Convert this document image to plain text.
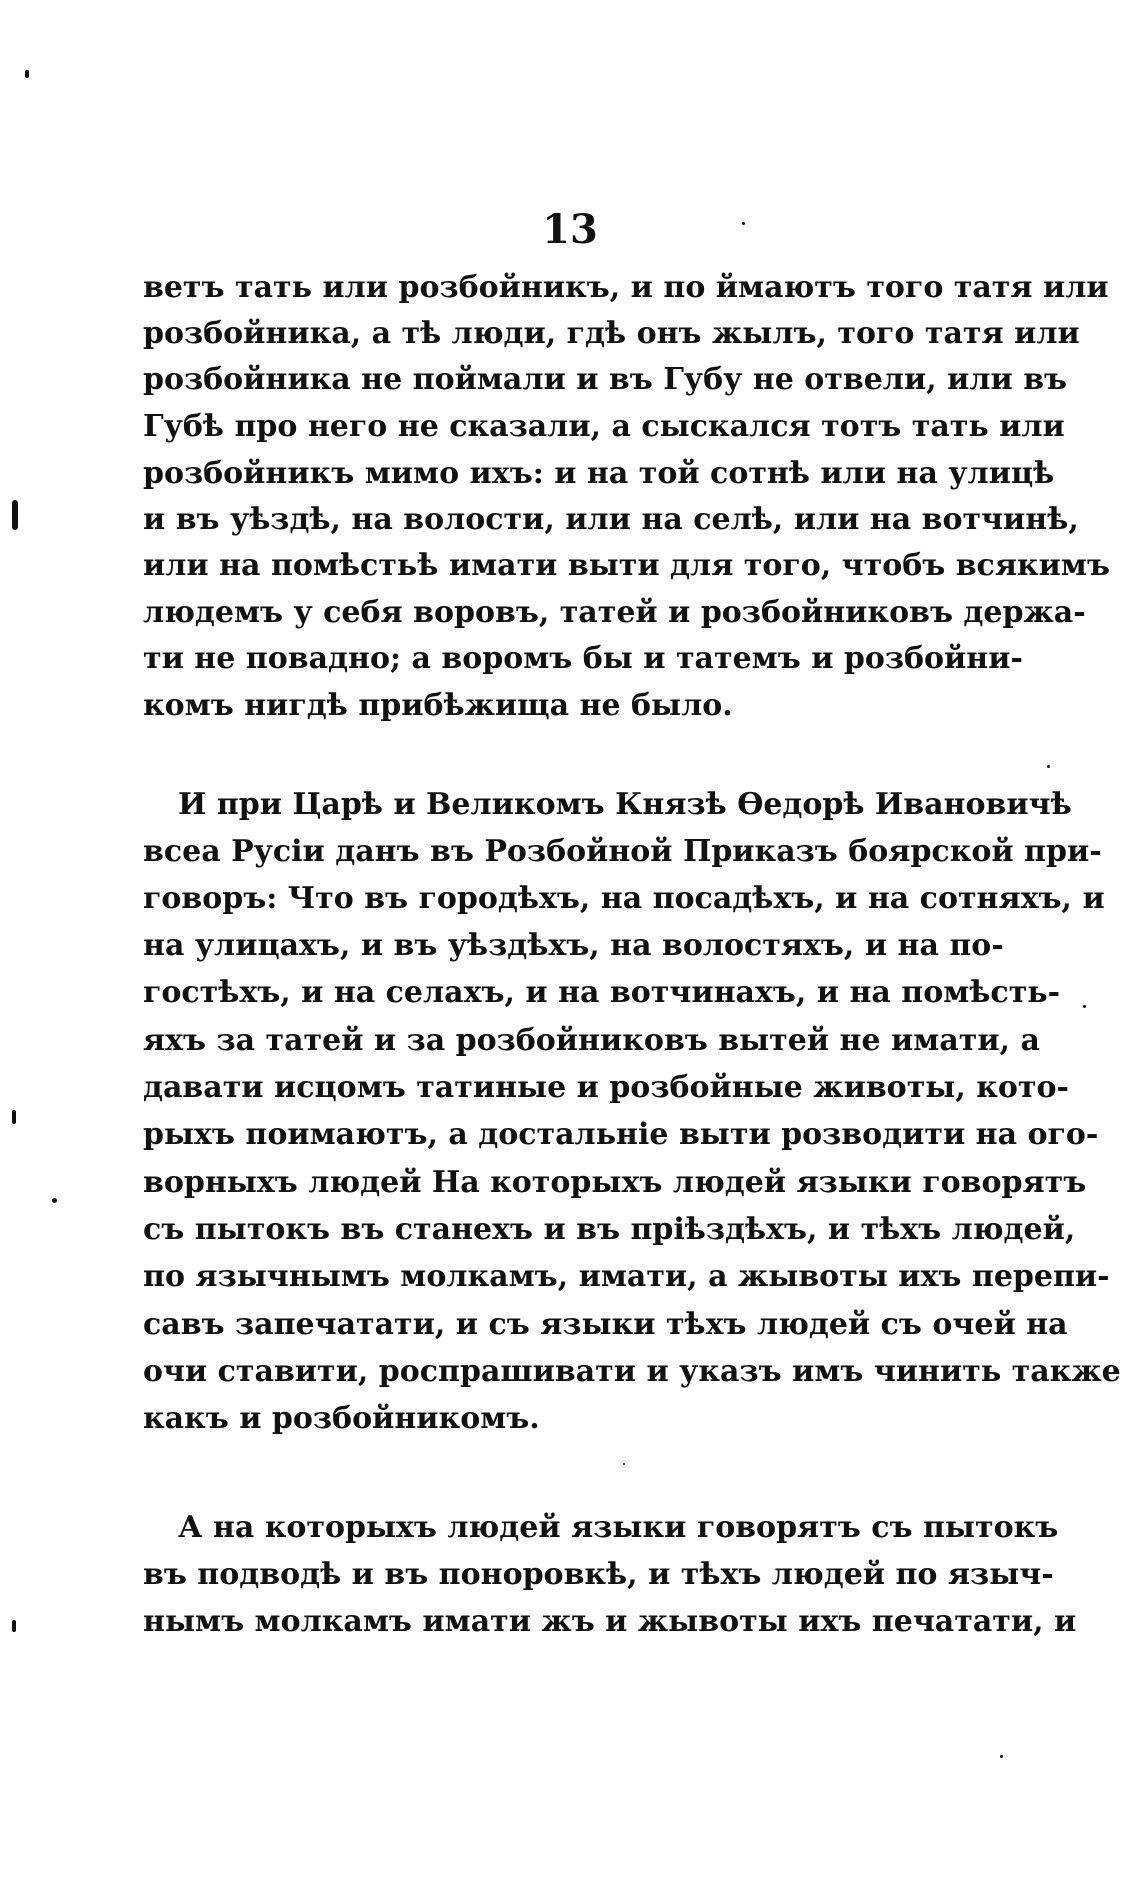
13
ветъ тать или розбойникъ, и по ймаютъ того татя или
розбойника, а тѣ люди, гдѣ онъ жылъ, того татя или
розбойника не поймали и въ Губу не отвели, или въ
Губѣ про него не сказали, а сыскался тотъ тать или
розбойникъ мимо ихъ: и на той сотнѣ или на улицѣ
и въ уѣздѣ, на волости, или на селѣ, или на вотчинѣ,
или на помѣстьѣ имати выти для того, чтобъ всякимъ
людемъ у себя воровъ, татей и розбойниковъ держа-
ти не повадно; а воромъ бы и татемъ и розбойни-
комъ нигдѣ прибѣжища не было.
И при Царѣ и Великомъ Князѣ Өедорѣ Ивановичѣ
всеа Русіи данъ въ Розбойной Приказъ боярской при-
говоръ: Что въ городѣхъ, на посадѣхъ, и на сотняхъ, и
на улицахъ, и въ уѣздѣхъ, на волостяхъ, и на по-
гостѣхъ, и на селахъ, и на вотчинахъ, и на помѣсть-
яхъ за татей и за розбойниковъ вытей не имати, а
давати исцомъ татиные и розбойные животы, кото-
рыхъ поимаютъ, а достальніе выти розводити на ого-
ворныхъ людей На которыхъ людей языки говорятъ
съ пытокъ въ станехъ и въ пріѣздѣхъ, и тѣхъ людей,
по язычнымъ молкамъ, имати, а жывоты ихъ перепи-
савъ запечатати, и съ языки тѣхъ людей съ очей на
очи ставити, роспрашивати и указъ имъ чинить также
какъ и розбойникомъ.
А на которыхъ людей языки говорятъ съ пытокъ
въ подводѣ и въ поноровкѣ, и тѣхъ людей по языч-
нымъ молкамъ имати жъ и жывоты ихъ печатати, и
